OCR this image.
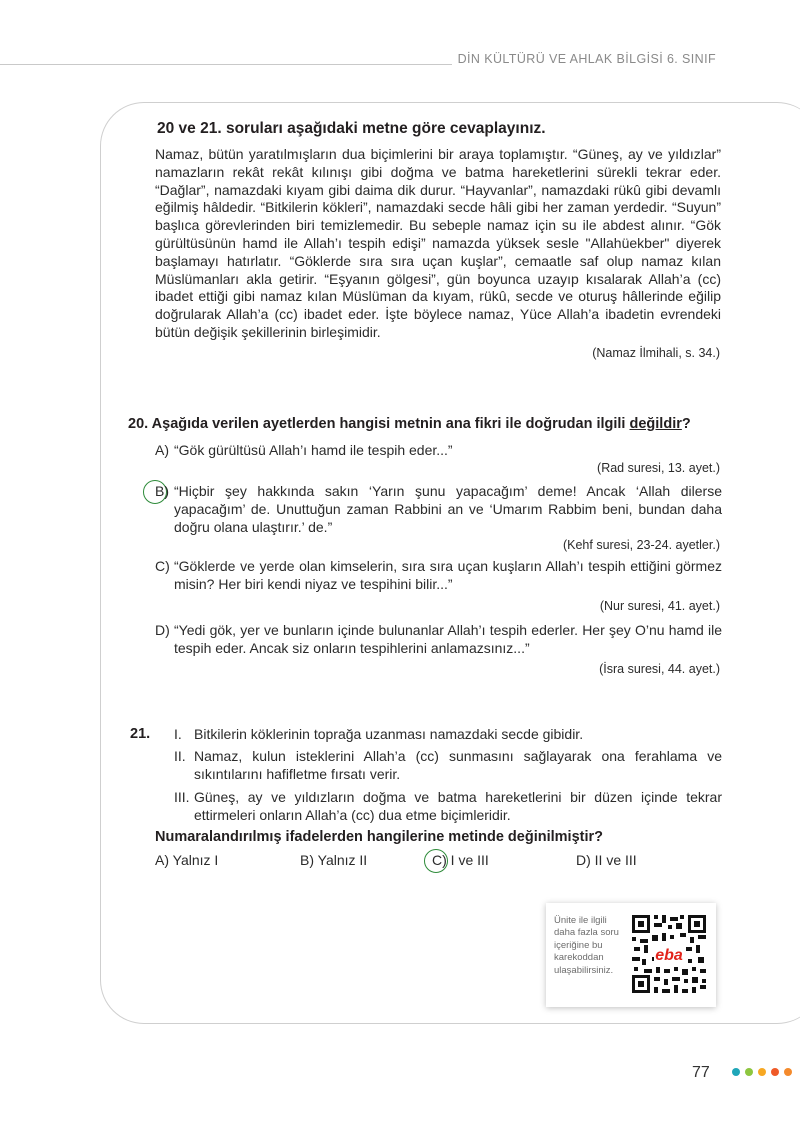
DİN KÜLTÜRÜ VE AHLAK BİLGİSİ 6. SINIF
20 ve 21. soruları aşağıdaki metne göre cevaplayınız.
Namaz, bütün yaratılmışların dua biçimlerini bir araya toplamıştır. “Güneş, ay ve yıldızlar” namazların rekât rekât kılınışı gibi doğma ve batma hareketlerini sürekli tekrar eder. “Dağlar”, namazdaki kıyam gibi daima dik durur. “Hayvanlar”, namazdaki rükû gibi devamlı eğilmiş hâldedir. “Bitkilerin kökleri”, namazdaki secde hâli gibi her zaman yerdedir. “Suyun” başlıca görevlerinden biri temizlemedir. Bu sebeple namaz için su ile abdest alınır. “Gök gürültüsünün hamd ile Allah’ı tespih edişi” namazda yüksek sesle "Allahüekber" diyerek başlamayı hatırlatır. “Göklerde sıra sıra uçan kuşlar”, cemaatle saf olup namaz kılan Müslümanları akla getirir. “Eşyanın gölgesi”, gün boyunca uzayıp kısalarak Allah’a (cc) ibadet ettiği gibi namaz kılan Müslüman da kıyam, rükû, secde ve oturuş hâllerinde eğilip doğrularak Allah’a (cc) ibadet eder. İşte böylece namaz, Yüce Allah’a ibadetin evrendeki bütün değişik şekillerinin birleşimidir.
(Namaz İlmihali, s. 34.)
20. Aşağıda verilen ayetlerden hangisi metnin ana fikri ile doğrudan ilgili değildir?
A) “Gök gürültüsü Allah’ı hamd ile tespih eder...”
(Rad suresi, 13. ayet.)
B) “Hiçbir şey hakkında sakın ‘Yarın şunu yapacağım’ deme! Ancak ‘Allah dilerse yapacağım’ de. Unuttuğun zaman Rabbini an ve ‘Umarım Rabbim beni, bundan daha doğru olana ulaştırır.’ de.”
(Kehf suresi, 23-24. ayetler.)
C) “Göklerde ve yerde olan kimselerin, sıra sıra uçan kuşların Allah’ı tespih ettiğini görmez misin? Her biri kendi niyaz ve tespihini bilir...”
(Nur suresi, 41. ayet.)
D) “Yedi gök, yer ve bunların içinde bulunanlar Allah’ı tespih ederler. Her şey O’nu hamd ile tespih eder. Ancak siz onların tespihlerini anlamazsınız...”
(İsra suresi, 44. ayet.)
21. I. Bitkilerin köklerinin toprağa uzanması namazdaki secde gibidir.
II. Namaz, kulun isteklerini Allah’a (cc) sunmasını sağlayarak ona ferahlama ve sıkıntılarını hafifletme fırsatı verir.
III. Güneş, ay ve yıldızların doğma ve batma hareketlerini bir düzen içinde tekrar ettirmeleri onların Allah’a (cc) dua etme biçimleridir.
Numaralandırılmış ifadelerden hangilerine metinde değinilmiştir?
A) Yalnız I	B) Yalnız II	C) I ve III	D) II ve III
Ünite ile ilgili daha fazla soru içeriğine bu karekoddan ulaşabilirsiniz.
eba
77
